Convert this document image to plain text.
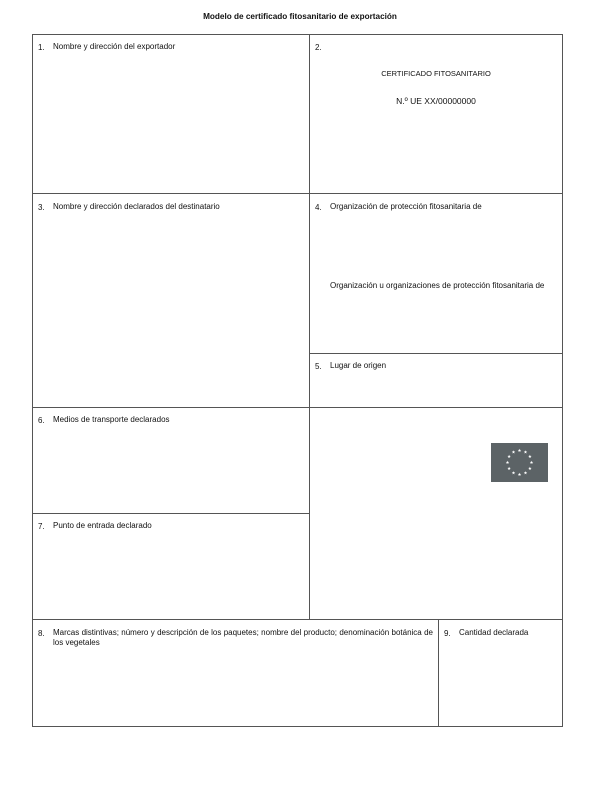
Modelo de certificado fitosanitario de exportación
1. Nombre y dirección del exportador	2.
CERTIFICADO FITOSANITARIO
N.º UE XX/00000000
3. Nombre y dirección declarados del destinatario	4. Organización de protección fitosanitaria de
Organización u organizaciones de protección fitosanitaria de
5. Lugar de origen
6. Medios de transporte declarados
7. Punto de entrada declarado
8. Marcas distintivas; número y descripción de los paquetes; nombre del producto; denominación botánica de los vegetales
9. Cantidad declarada
